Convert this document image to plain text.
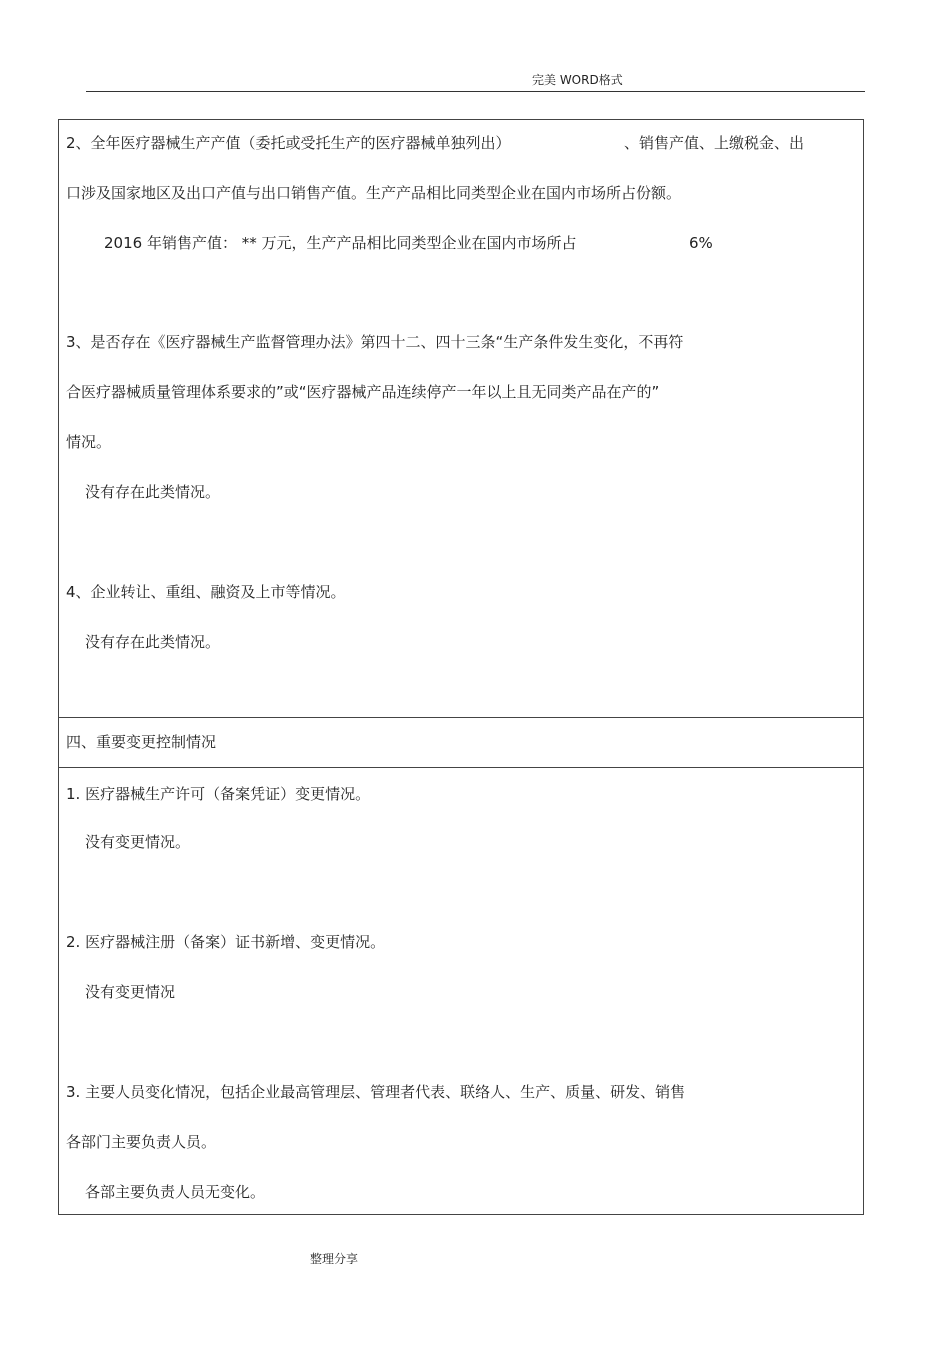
完美 WORD格式
2、全年医疗器械生产产值（委托或受托生产的医疗器械单独列出）	、销售产值、上缴税金、出
口涉及国家地区及出口产值与出口销售产值。生产产品相比同类型企业在国内市场所占份额。
2016 年销售产值： ** 万元，生产产品相比同类型企业在国内市场所占	6%
3、是否存在《医疗器械生产监督管理办法》第四十二、四十三条“生产条件发生变化，不再符
合医疗器械质量管理体系要求的”或“医疗器械产品连续停产一年以上且无同类产品在产的”
情况。
没有存在此类情况。
4、企业转让、重组、融资及上市等情况。
没有存在此类情况。
四、重要变更控制情况
1. 医疗器械生产许可（备案凭证）变更情况。
没有变更情况。
2. 医疗器械注册（备案）证书新增、变更情况。
没有变更情况
3. 主要人员变化情况，包括企业最高管理层、管理者代表、联络人、生产、质量、研发、销售
各部门主要负责人员。
各部主要负责人员无变化。
整理分享
